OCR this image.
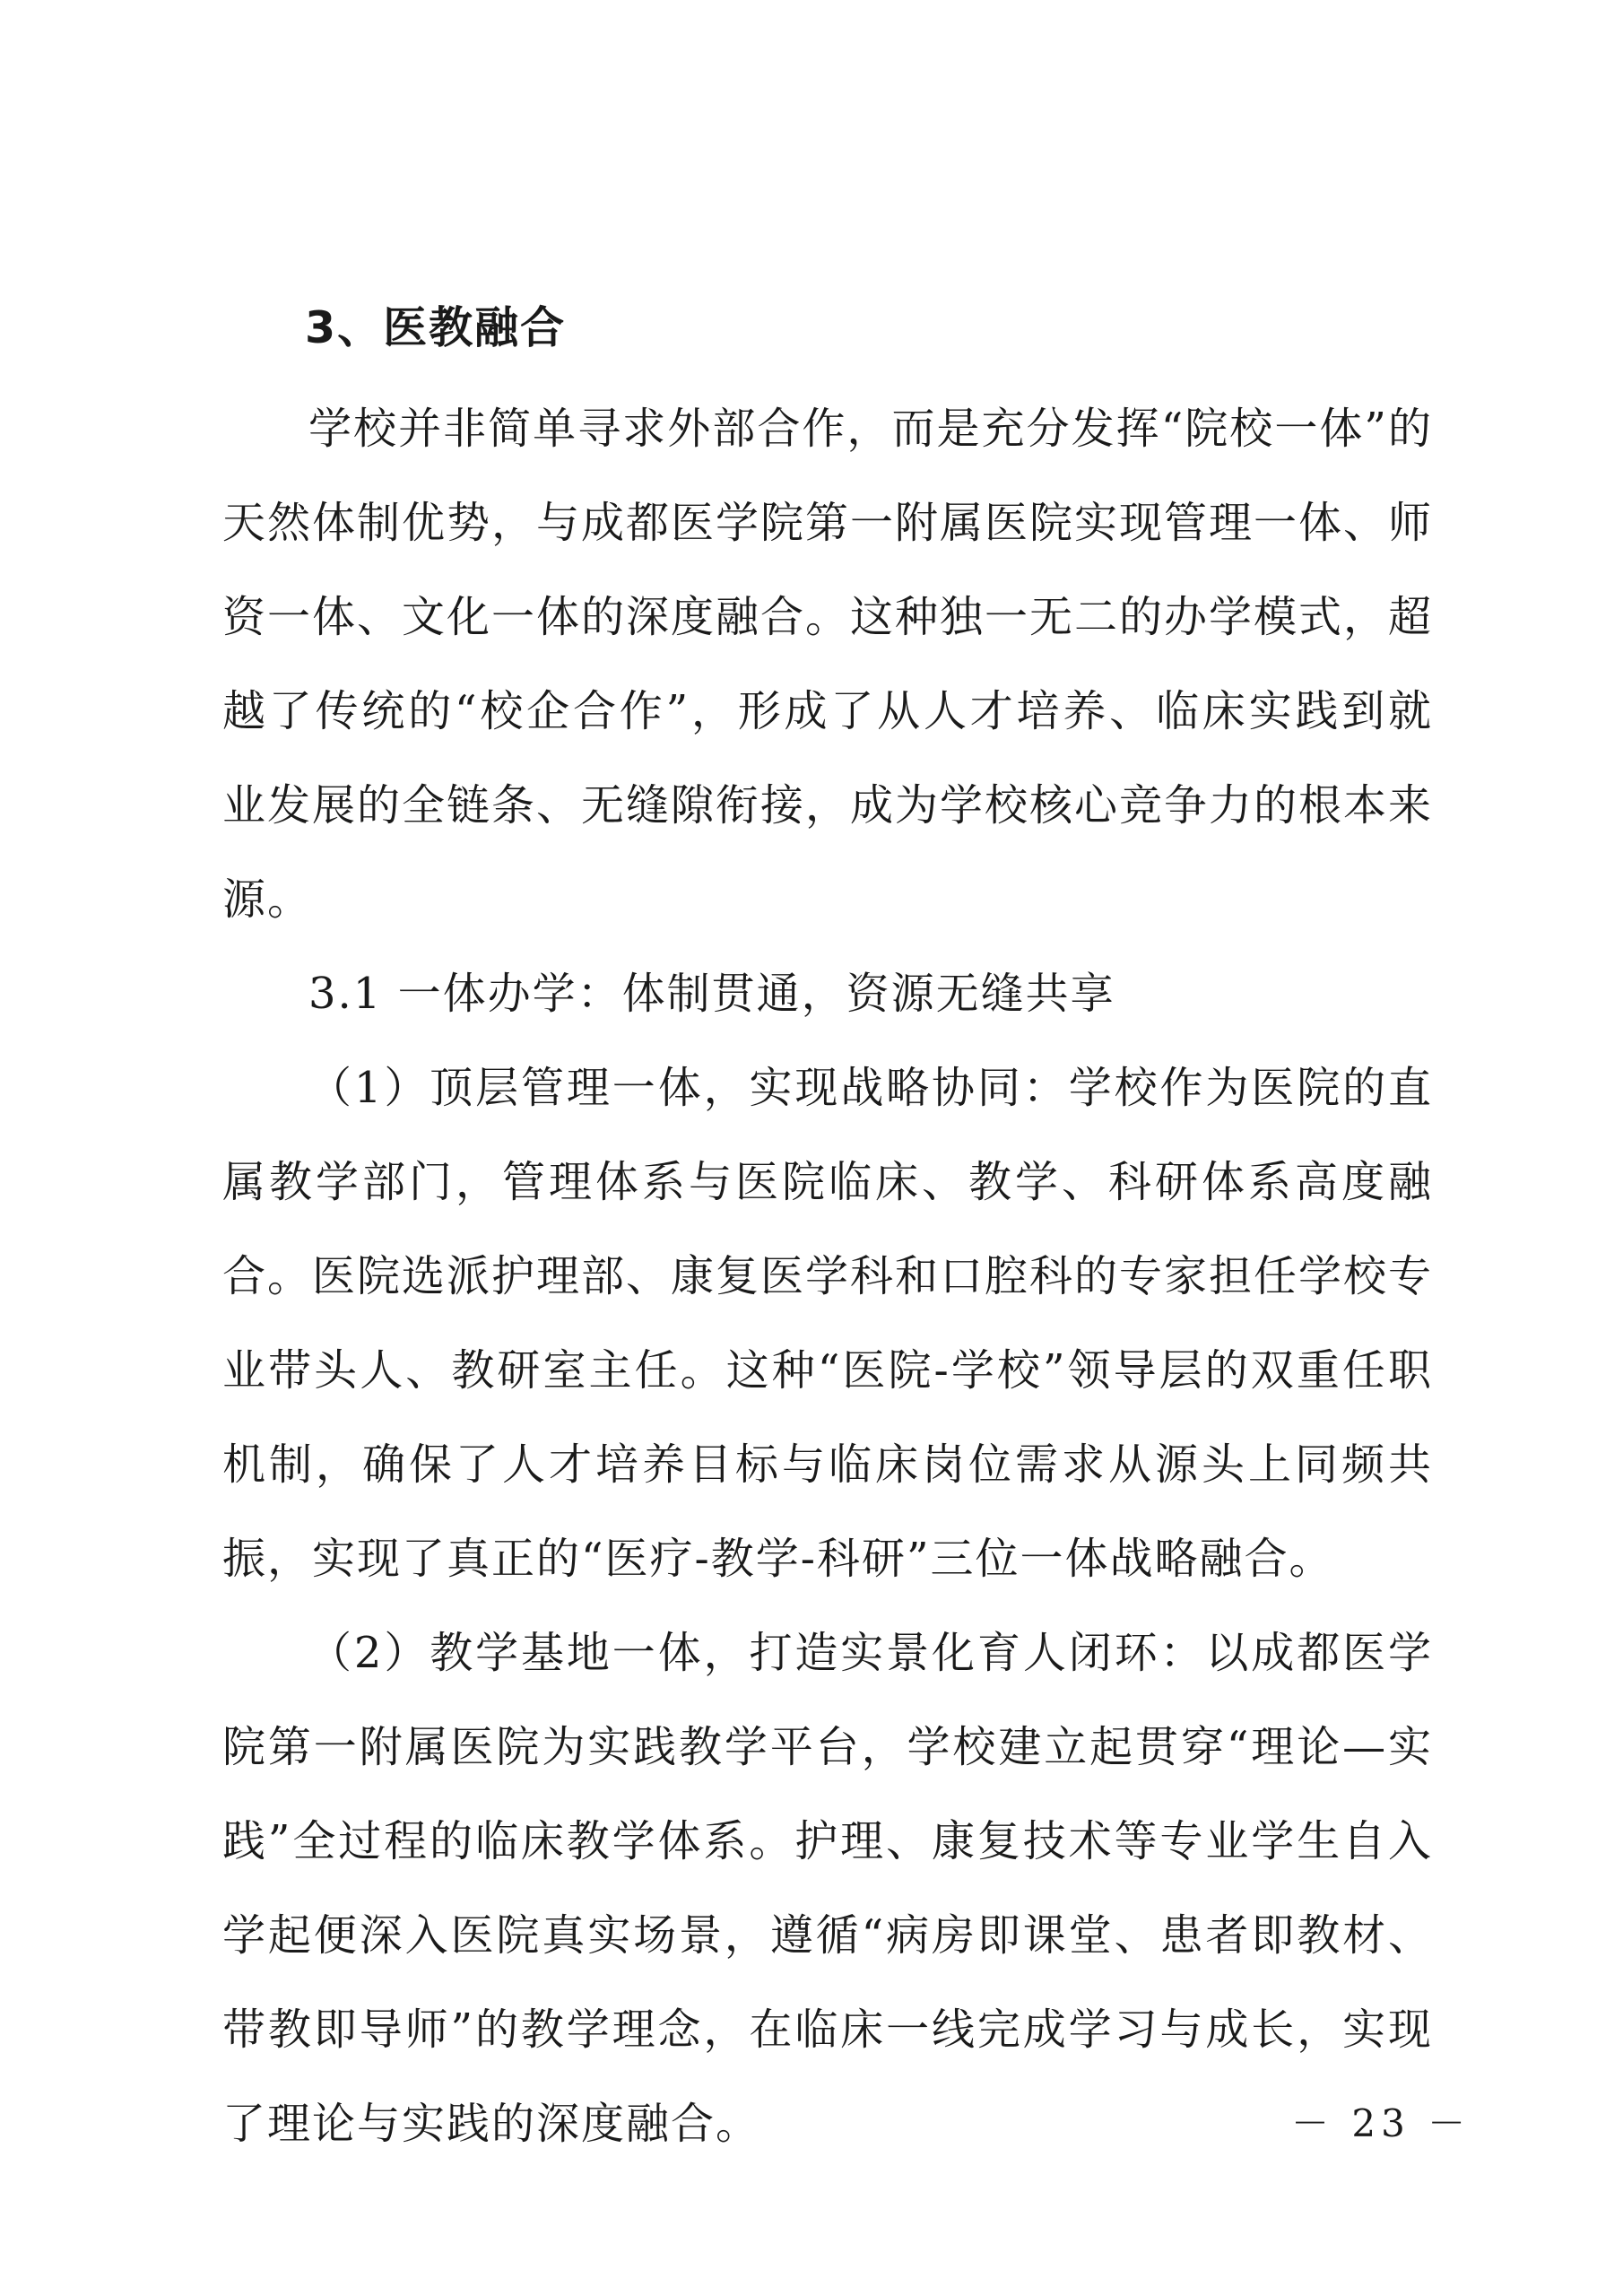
3、医教融合

学校并非简单寻求外部合作，而是充分发挥“院校一体”的天然体制优势，与成都医学院第一附属医院实现管理一体、师资一体、文化一体的深度融合。这种独一无二的办学模式，超越了传统的“校企合作”，形成了从人才培养、临床实践到就业发展的全链条、无缝隙衔接，成为学校核心竞争力的根本来源。

3.1 一体办学：体制贯通，资源无缝共享

（1）顶层管理一体，实现战略协同：学校作为医院的直属教学部门，管理体系与医院临床、教学、科研体系高度融合。医院选派护理部、康复医学科和口腔科的专家担任学校专业带头人、教研室主任。这种“医院-学校”领导层的双重任职机制，确保了人才培养目标与临床岗位需求从源头上同频共振，实现了真正的“医疗-教学-科研”三位一体战略融合。

（2）教学基地一体，打造实景化育人闭环：以成都医学院第一附属医院为实践教学平台，学校建立起贯穿“理论—实践”全过程的临床教学体系。护理、康复技术等专业学生自入学起便深入医院真实场景，遵循“病房即课堂、患者即教材、带教即导师”的教学理念，在临床一线完成学习与成长，实现了理论与实践的深度融合。	－ 23 －
